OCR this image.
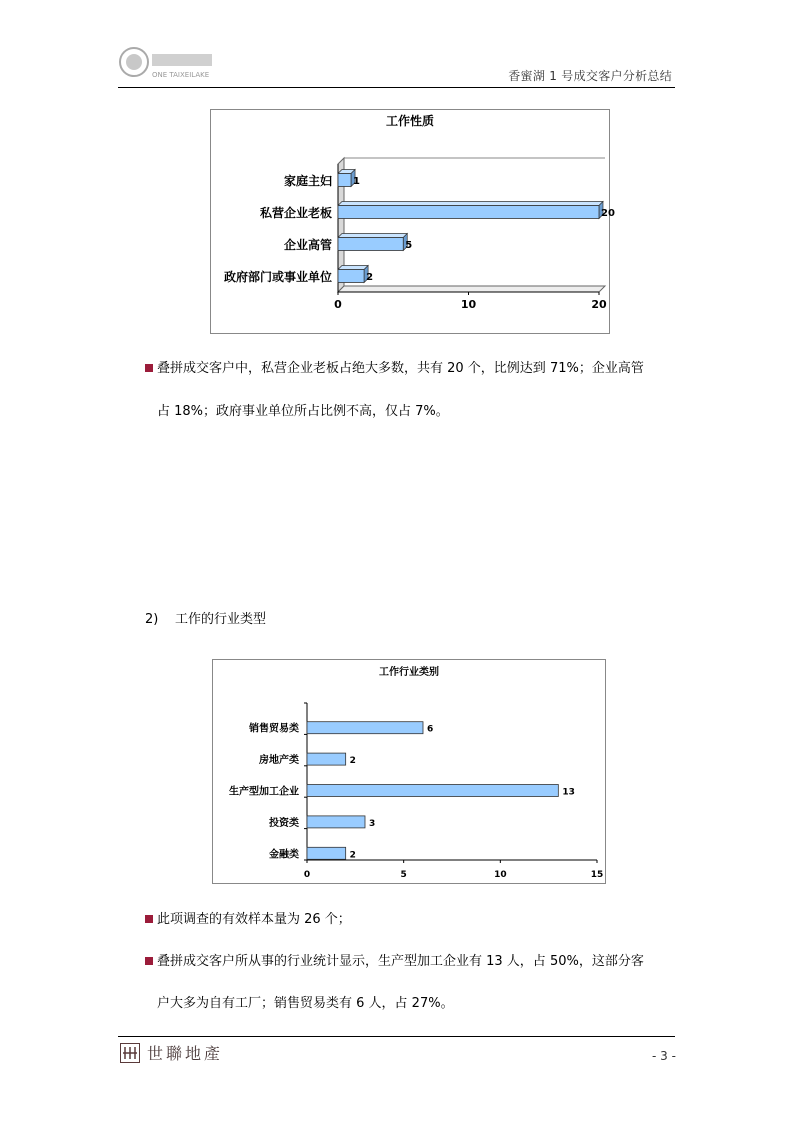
ONE TAIXEILAKE	香蜜湖 1 号成交客户分析总结
工作性质
家庭主妇 1
私营企业老板	20
企业高管	5
政府部门或事业单位	2
0	10	20
叠拼成交客户中，私营企业老板占绝大多数，共有 20 个，比例达到 71%；企业高管
占 18%；政府事业单位所占比例不高，仅占 7%。
2) 工作的行业类型
工作行业类别
销售贸易类	6
房地产类	2
生产型加工企业	13
投资类	3
金融类	2
0	5	10	15
此项调查的有效样本量为 26 个；
叠拼成交客户所从事的行业统计显示，生产型加工企业有 13 人，占 50%，这部分客
户大多为自有工厂；销售贸易类有 6 人，占 27%。
世聯地產	- 3 -
